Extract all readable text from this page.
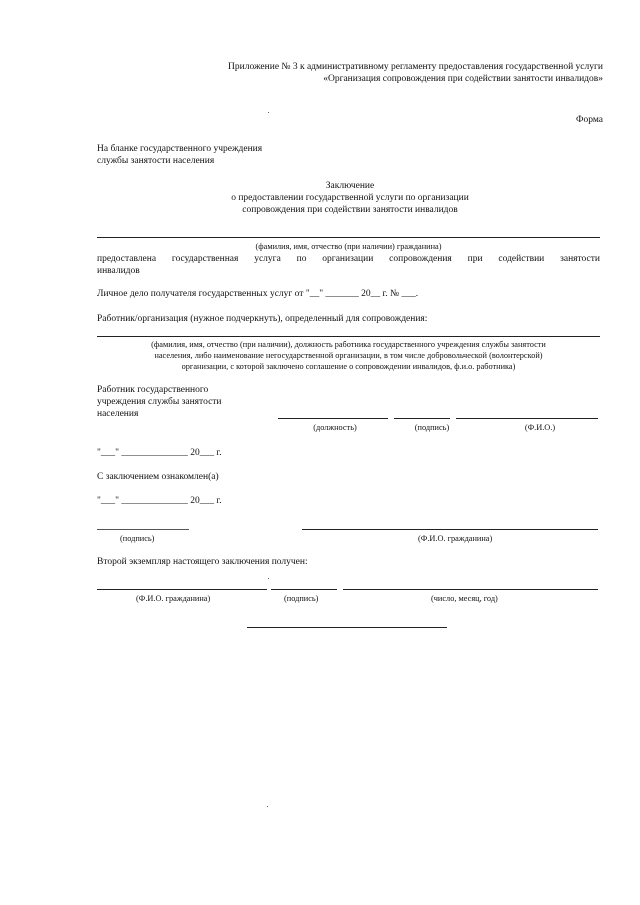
Приложение № 3 к административному регламенту предоставления государственной услуги
«Организация сопровождения при содействии занятости инвалидов»
Форма
На бланке государственного учреждения
службы занятости населения
Заключение
о предоставлении государственной услуги по организации
сопровождения при содействии занятости инвалидов
(фамилия, имя, отчество (при наличии) гражданина)
предоставлена государственная услуга по организации сопровождения при содействии занятости
инвалидов
Личное дело получателя государственных услуг от "__" _______ 20__ г. № ___.
Работник/организация (нужное подчеркнуть), определенный для сопровождения:
(фамилия, имя, отчество (при наличии), должность работника государственного учреждения службы занятости
населения, либо наименование негосударственной организации, в том числе добровольческой (волонтерской)
организации, с которой заключено соглашение о сопровождении инвалидов, ф.и.о. работника)
Работник государственного
учреждения службы занятости
населения
(должность)	(подпись)	(Ф.И.О.)
"___" ______________ 20___ г.
С заключением ознакомлен(а)
"___" ______________ 20___ г.
(подпись)	(Ф.И.О. гражданина)
Второй экземпляр настоящего заключения получен:
(Ф.И.О. гражданина)	(подпись)	(число, месяц, год)
